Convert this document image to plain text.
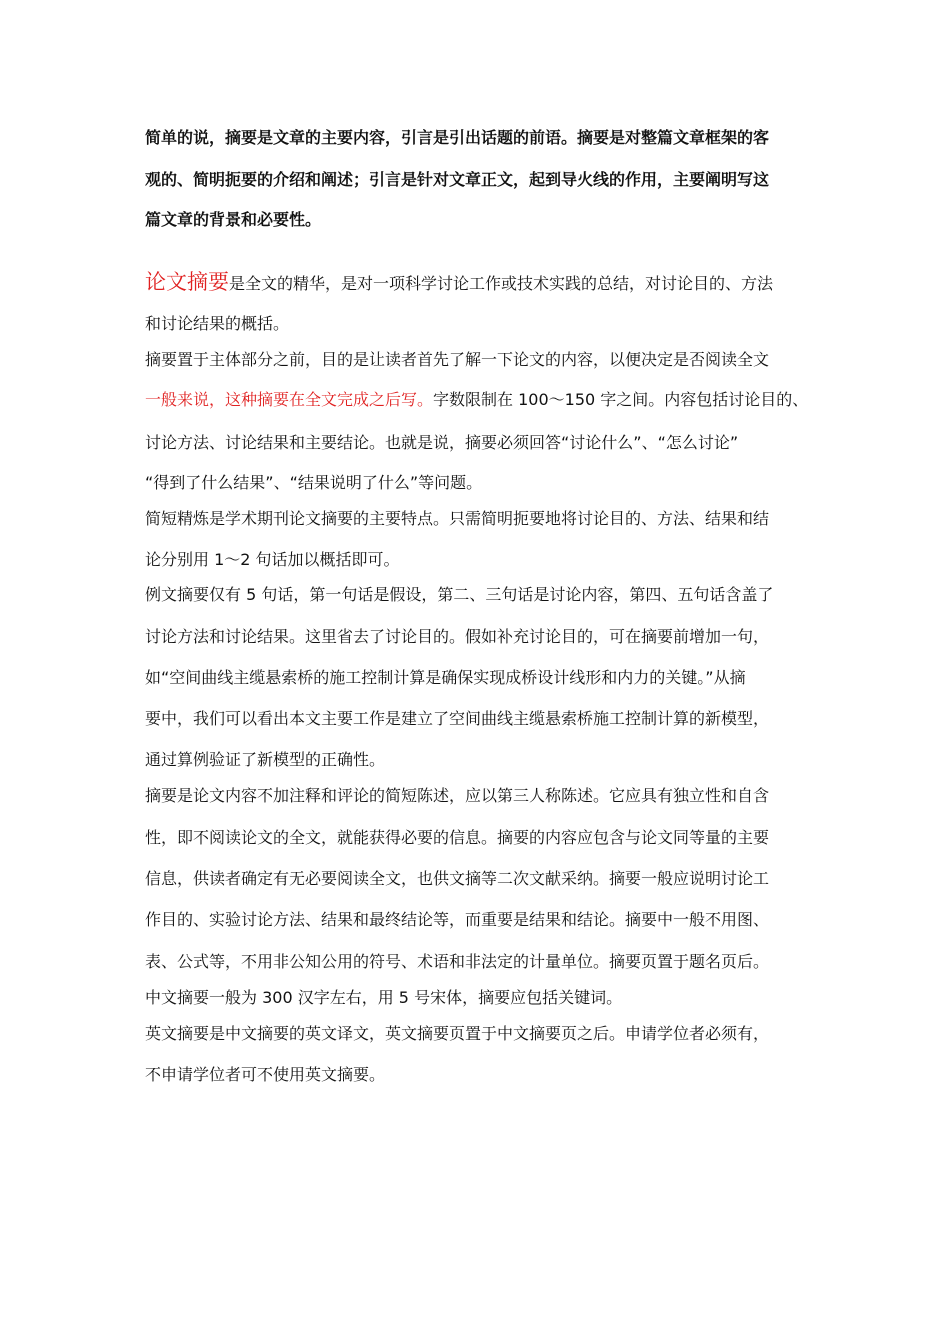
简单的说，摘要是文章的主要内容，引言是引出话题的前语。摘要是对整篇文章框架的客
观的、简明扼要的介绍和阐述；引言是针对文章正文，起到导火线的作用，主要阐明写这
篇文章的背景和必要性。
论文摘要是全文的精华，是对一项科学讨论工作或技术实践的总结，对讨论目的、方法
和讨论结果的概括。
摘要置于主体部分之前，目的是让读者首先了解一下论文的内容，以便决定是否阅读全文
一般来说，这种摘要在全文完成之后写。字数限制在 100～150 字之间。内容包括讨论目的、
讨论方法、讨论结果和主要结论。也就是说，摘要必须回答“讨论什么”、“怎么讨论”
“得到了什么结果”、“结果说明了什么”等问题。
简短精炼是学术期刊论文摘要的主要特点。只需简明扼要地将讨论目的、方法、结果和结
论分别用 1～2 句话加以概括即可。
例文摘要仅有 5 句话，第一句话是假设，第二、三句话是讨论内容，第四、五句话含盖了
讨论方法和讨论结果。这里省去了讨论目的。假如补充讨论目的，可在摘要前增加一句，
如“空间曲线主缆悬索桥的施工控制计算是确保实现成桥设计线形和内力的关键。”从摘
要中，我们可以看出本文主要工作是建立了空间曲线主缆悬索桥施工控制计算的新模型，
通过算例验证了新模型的正确性。
摘要是论文内容不加注释和评论的简短陈述，应以第三人称陈述。它应具有独立性和自含
性，即不阅读论文的全文，就能获得必要的信息。摘要的内容应包含与论文同等量的主要
信息，供读者确定有无必要阅读全文，也供文摘等二次文献采纳。摘要一般应说明讨论工
作目的、实验讨论方法、结果和最终结论等，而重要是结果和结论。摘要中一般不用图、
表、公式等，不用非公知公用的符号、术语和非法定的计量单位。摘要页置于题名页后。
中文摘要一般为 300 汉字左右，用 5 号宋体，摘要应包括关键词。
英文摘要是中文摘要的英文译文，英文摘要页置于中文摘要页之后。申请学位者必须有，
不申请学位者可不使用英文摘要。
